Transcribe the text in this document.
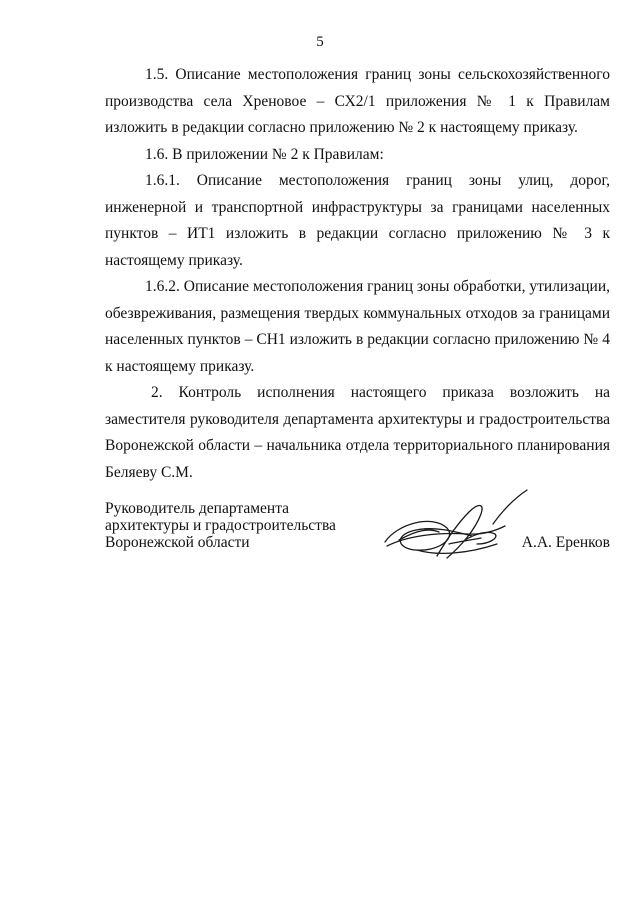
5

1.5. Описание местоположения границ зоны сельскохозяйственного производства села Хреновое – СХ2/1 приложения № 1 к Правилам изложить в редакции согласно приложению № 2 к настоящему приказу.

1.6. В приложении № 2 к Правилам:

1.6.1. Описание местоположения границ зоны улиц, дорог, инженерной и транспортной инфраструктуры за границами населенных пунктов – ИТ1 изложить в редакции согласно приложению № 3 к настоящему приказу.

1.6.2. Описание местоположения границ зоны обработки, утилизации, обезвреживания, размещения твердых коммунальных отходов за границами населенных пунктов – СН1 изложить в редакции согласно приложению № 4 к настоящему приказу.

2. Контроль исполнения настоящего приказа возложить на заместителя руководителя департамента архитектуры и градостроительства Воронежской области – начальника отдела территориального планирования Беляеву С.М.

Руководитель департамента
архитектуры и градостроительства
Воронежской области	А.А. Еренков
